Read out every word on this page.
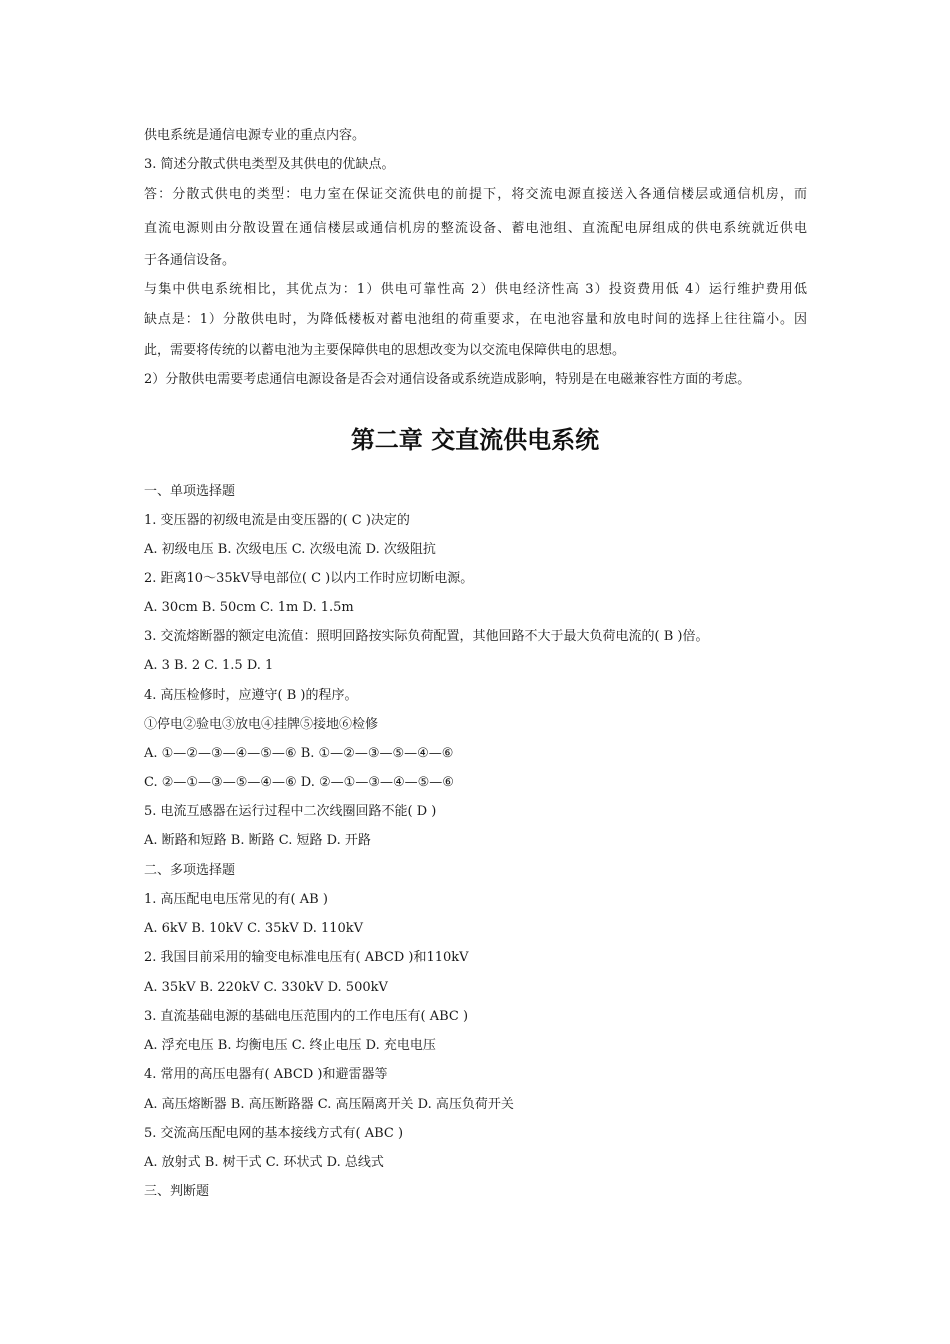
供电系统是通信电源专业的重点内容。
3. 简述分散式供电类型及其供电的优缺点。
答：分散式供电的类型：电力室在保证交流供电的前提下，将交流电源直接送入各通信楼层或通信机房，而
直流电源则由分散设置在通信楼层或通信机房的整流设备、蓄电池组、直流配电屏组成的供电系统就近供电
于各通信设备。
与集中供电系统相比，其优点为：1）供电可靠性高 2）供电经济性高 3）投资费用低 4）运行维护费用低
缺点是：1）分散供电时，为降低楼板对蓄电池组的荷重要求，在电池容量和放电时间的选择上往往篇小。因
此，需要将传统的以蓄电池为主要保障供电的思想改变为以交流电保障供电的思想。
2）分散供电需要考虑通信电源设备是否会对通信设备或系统造成影响，特别是在电磁兼容性方面的考虑。
第二章 交直流供电系统
一、单项选择题
1. 变压器的初级电流是由变压器的( C )决定的
A. 初级电压 B. 次级电压 C. 次级电流 D. 次级阻抗
2. 距离10～35kV导电部位( C )以内工作时应切断电源。
A. 30cm B. 50cm C. 1m D. 1.5m
3. 交流熔断器的额定电流值：照明回路按实际负荷配置，其他回路不大于最大负荷电流的( B )倍。
A. 3 B. 2 C. 1.5 D. 1
4. 高压检修时，应遵守( B )的程序。
①停电②验电③放电④挂牌⑤接地⑥检修
A. ①—②—③—④—⑤—⑥ B. ①—②—③—⑤—④—⑥
C. ②—①—③—⑤—④—⑥ D. ②—①—③—④—⑤—⑥
5. 电流互感器在运行过程中二次线圈回路不能( D )
A. 断路和短路 B. 断路 C. 短路 D. 开路
二、多项选择题
1. 高压配电电压常见的有( AB )
A. 6kV B. 10kV C. 35kV D. 110kV
2. 我国目前采用的输变电标准电压有( ABCD )和110kV
A. 35kV B. 220kV C. 330kV D. 500kV
3. 直流基础电源的基础电压范围内的工作电压有( ABC )
A. 浮充电压 B. 均衡电压 C. 终止电压 D. 充电电压
A. 高压熔断器 B. 高压断路器 C. 高压隔离开关 D. 高压负荷开关
4. 常用的高压电器有( ABCD )和避雷器等
5. 交流高压配电网的基本接线方式有( ABC )
A. 放射式 B. 树干式 C. 环状式 D. 总线式
三、判断题
